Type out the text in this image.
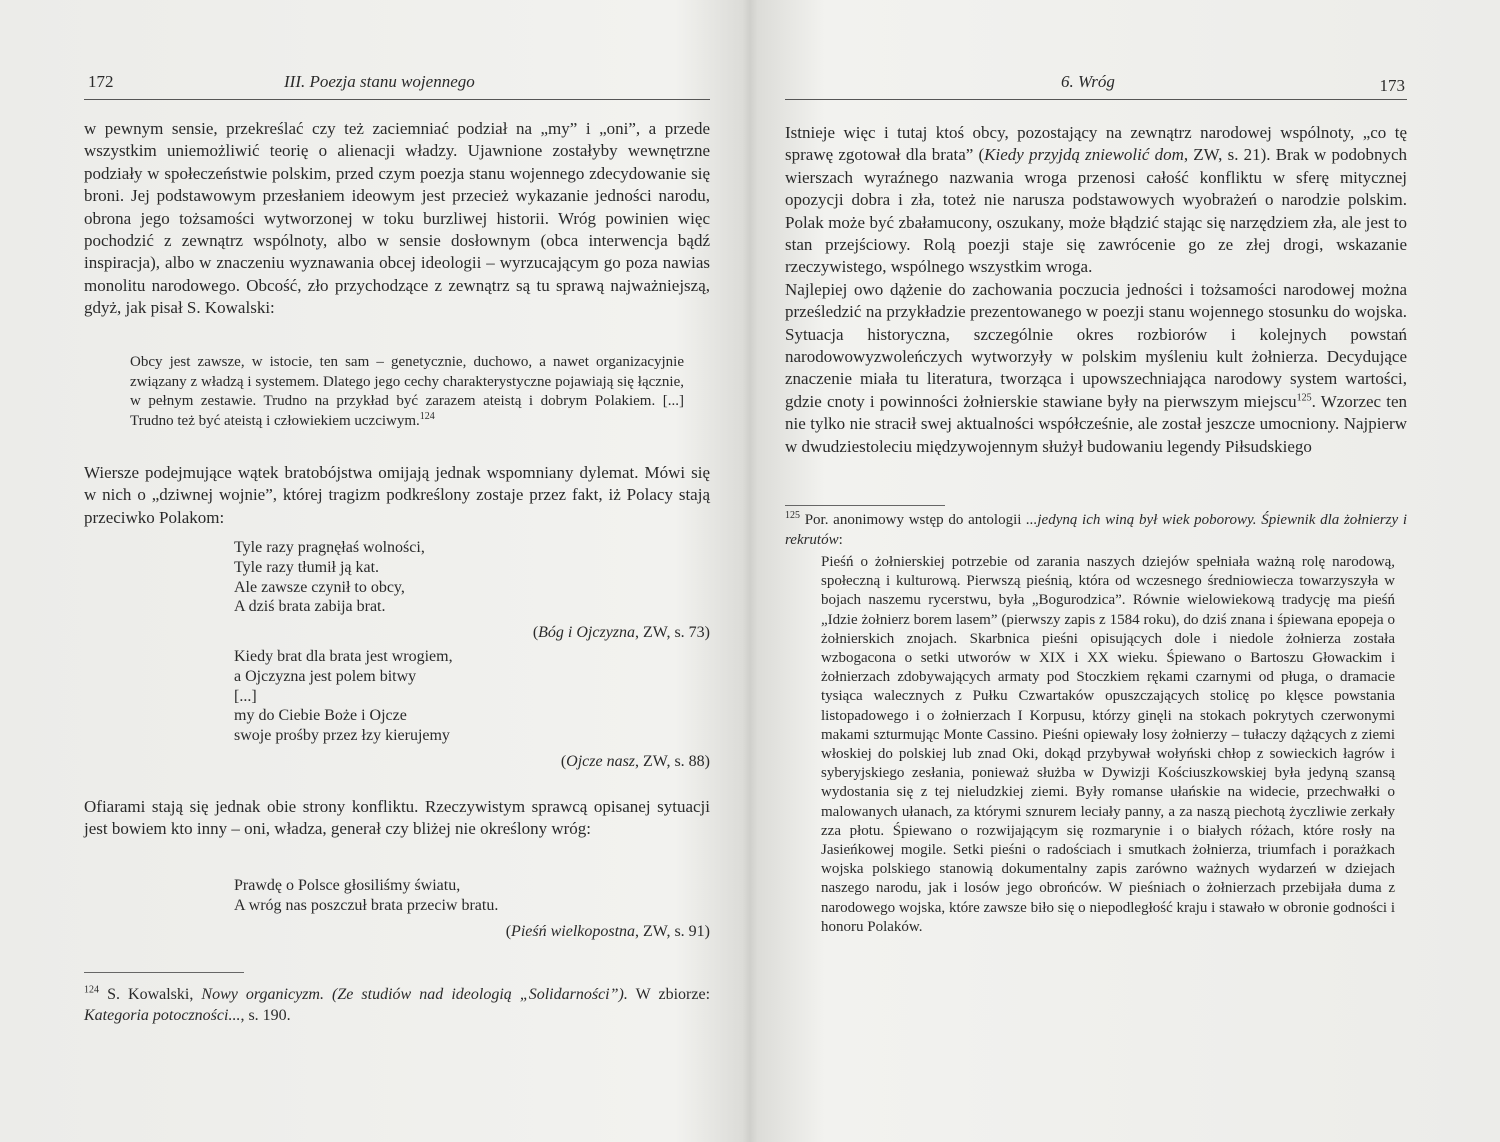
172	III. Poezja stanu wojennego

w pewnym sensie, przekreślać czy też zaciemniać podział na „my” i „oni”, a przede wszystkim uniemożliwić teorię o alienacji władzy. Ujawnione zostałyby wewnętrzne podziały w społeczeństwie polskim, przed czym poezja stanu wojennego zdecydowanie się broni. Jej podstawowym przesłaniem ideowym jest przecież wykazanie jedności narodu, obrona jego tożsamości wytworzonej w toku burzliwej historii. Wróg powinien więc pochodzić z zewnątrz wspólnoty, albo w sensie dosłownym (obca interwencja bądź inspiracja), albo w znaczeniu wyznawania obcej ideologii – wyrzucającym go poza nawias monolitu narodowego. Obcość, zło przychodzące z zewnątrz są tu sprawą najważniejszą, gdyż, jak pisał S. Kowalski:

Obcy jest zawsze, w istocie, ten sam – genetycznie, duchowo, a nawet organizacyjnie związany z władzą i systemem. Dlatego jego cechy charakterystyczne pojawiają się łącznie, w pełnym zestawie. Trudno na przykład być zarazem ateistą i dobrym Polakiem. [...] Trudno też być ateistą i człowiekiem uczciwym.$^{124}$

Wiersze podejmujące wątek bratobójstwa omijają jednak wspomniany dylemat. Mówi się w nich o „dziwnej wojnie”, której tragizm podkreślony zostaje przez fakt, iż Polacy stają przeciwko Polakom:

Tyle razy pragnęłaś wolności,
Tyle razy tłumił ją kat.
Ale zawsze czynił to obcy,
A dziś brata zabija brat.
(Bóg i Ojczyzna, ZW, s. 73)
Kiedy brat dla brata jest wrogiem,
a Ojczyzna jest polem bitwy
[...]
my do Ciebie Boże i Ojcze
swoje prośby przez łzy kierujemy
(Ojcze nasz, ZW, s. 88)

Ofiarami stają się jednak obie strony konfliktu. Rzeczywistym sprawcą opisanej sytuacji jest bowiem kto inny – oni, władza, generał czy bliżej nie określony wróg:

Prawdę o Polsce głosiliśmy światu,
A wróg nas poszczuł brata przeciw bratu.
(Pieśń wielkopostna, ZW, s. 91)
$^{124}$ S. Kowalski, Nowy organicyzm. (Ze studiów nad ideologią „Solidarności”). W zbiorze: Kategoria potoczności..., s. 190.
6. Wróg	173

Istnieje więc i tutaj ktoś obcy, pozostający na zewnątrz narodowej wspólnoty, „co tę sprawę zgotował dla brata” (Kiedy przyjdą zniewolić dom, ZW, s. 21). Brak w podobnych wierszach wyraźnego nazwania wroga przenosi całość konfliktu w sferę mitycznej opozycji dobra i zła, toteż nie narusza podstawowych wyobrażeń o narodzie polskim. Polak może być zbałamucony, oszukany, może błądzić stając się narzędziem zła, ale jest to stan przejściowy. Rolą poezji staje się zawrócenie go ze złej drogi, wskazanie rzeczywistego, wspólnego wszystkim wroga.

Najlepiej owo dążenie do zachowania poczucia jedności i tożsamości narodowej można prześledzić na przykładzie prezentowanego w poezji stanu wojennego stosunku do wojska. Sytuacja historyczna, szczególnie okres rozbiorów i kolejnych powstań narodowowyzwoleńczych wytworzyły w polskim myśleniu kult żołnierza. Decydujące znaczenie miała tu literatura, tworząca i upowszechniająca narodowy system wartości, gdzie cnoty i powinności żołnierskie stawiane były na pierwszym miejscu$^{125}$. Wzorzec ten nie tylko nie stracił swej aktualności współcześnie, ale został jeszcze umocniony. Najpierw w dwudziestoleciu międzywojennym służył budowaniu legendy Piłsudskiego

$^{125}$ Por. anonimowy wstęp do antologii ...jedyną ich winą był wiek poborowy. Śpiewnik dla żołnierzy i rekrutów:
Pieśń o żołnierskiej potrzebie od zarania naszych dziejów spełniała ważną rolę narodową, społeczną i kulturową. Pierwszą pieśnią, która od wczesnego średniowiecza towarzyszyła w bojach naszemu rycerstwu, była „Bogurodzica”. Równie wielowiekową tradycję ma pieśń „Idzie żołnierz borem lasem” (pierwszy zapis z 1584 roku), do dziś znana i śpiewana epopeja o żołnierskich znojach. Skarbnica pieśni opisujących dole i niedole żołnierza została wzbogacona o setki utworów w XIX i XX wieku. Śpiewano o Bartoszu Głowackim i żołnierzach zdobywających armaty pod Stoczkiem rękami czarnymi od pługa, o dramacie tysiąca walecznych z Pułku Czwartaków opuszczających stolicę po klęsce powstania listopadowego i o żołnierzach I Korpusu, którzy ginęli na stokach pokrytych czerwonymi makami szturmując Monte Cassino. Pieśni opiewały losy żołnierzy – tułaczy dążących z ziemi włoskiej do polskiej lub znad Oki, dokąd przybywał wołyński chłop z sowieckich łagrów i syberyjskiego zesłania, ponieważ służba w Dywizji Kościuszkowskiej była jedyną szansą wydostania się z tej nieludzkiej ziemi. Były romanse ułańskie na widecie, przechwałki o malowanych ułanach, za którymi sznurem leciały panny, a za naszą piechotą życzliwie zerkały zza płotu. Śpiewano o rozwijającym się rozmarynie i o białych różach, które rosły na Jasieńkowej mogile. Setki pieśni o radościach i smutkach żołnierza, triumfach i porażkach wojska polskiego stanowią dokumentalny zapis zarówno ważnych wydarzeń w dziejach naszego narodu, jak i losów jego obrońców. W pieśniach o żołnierzach przebijała duma z narodowego wojska, które zawsze biło się o niepodległość kraju i stawało w obronie godności i honoru Polaków.
